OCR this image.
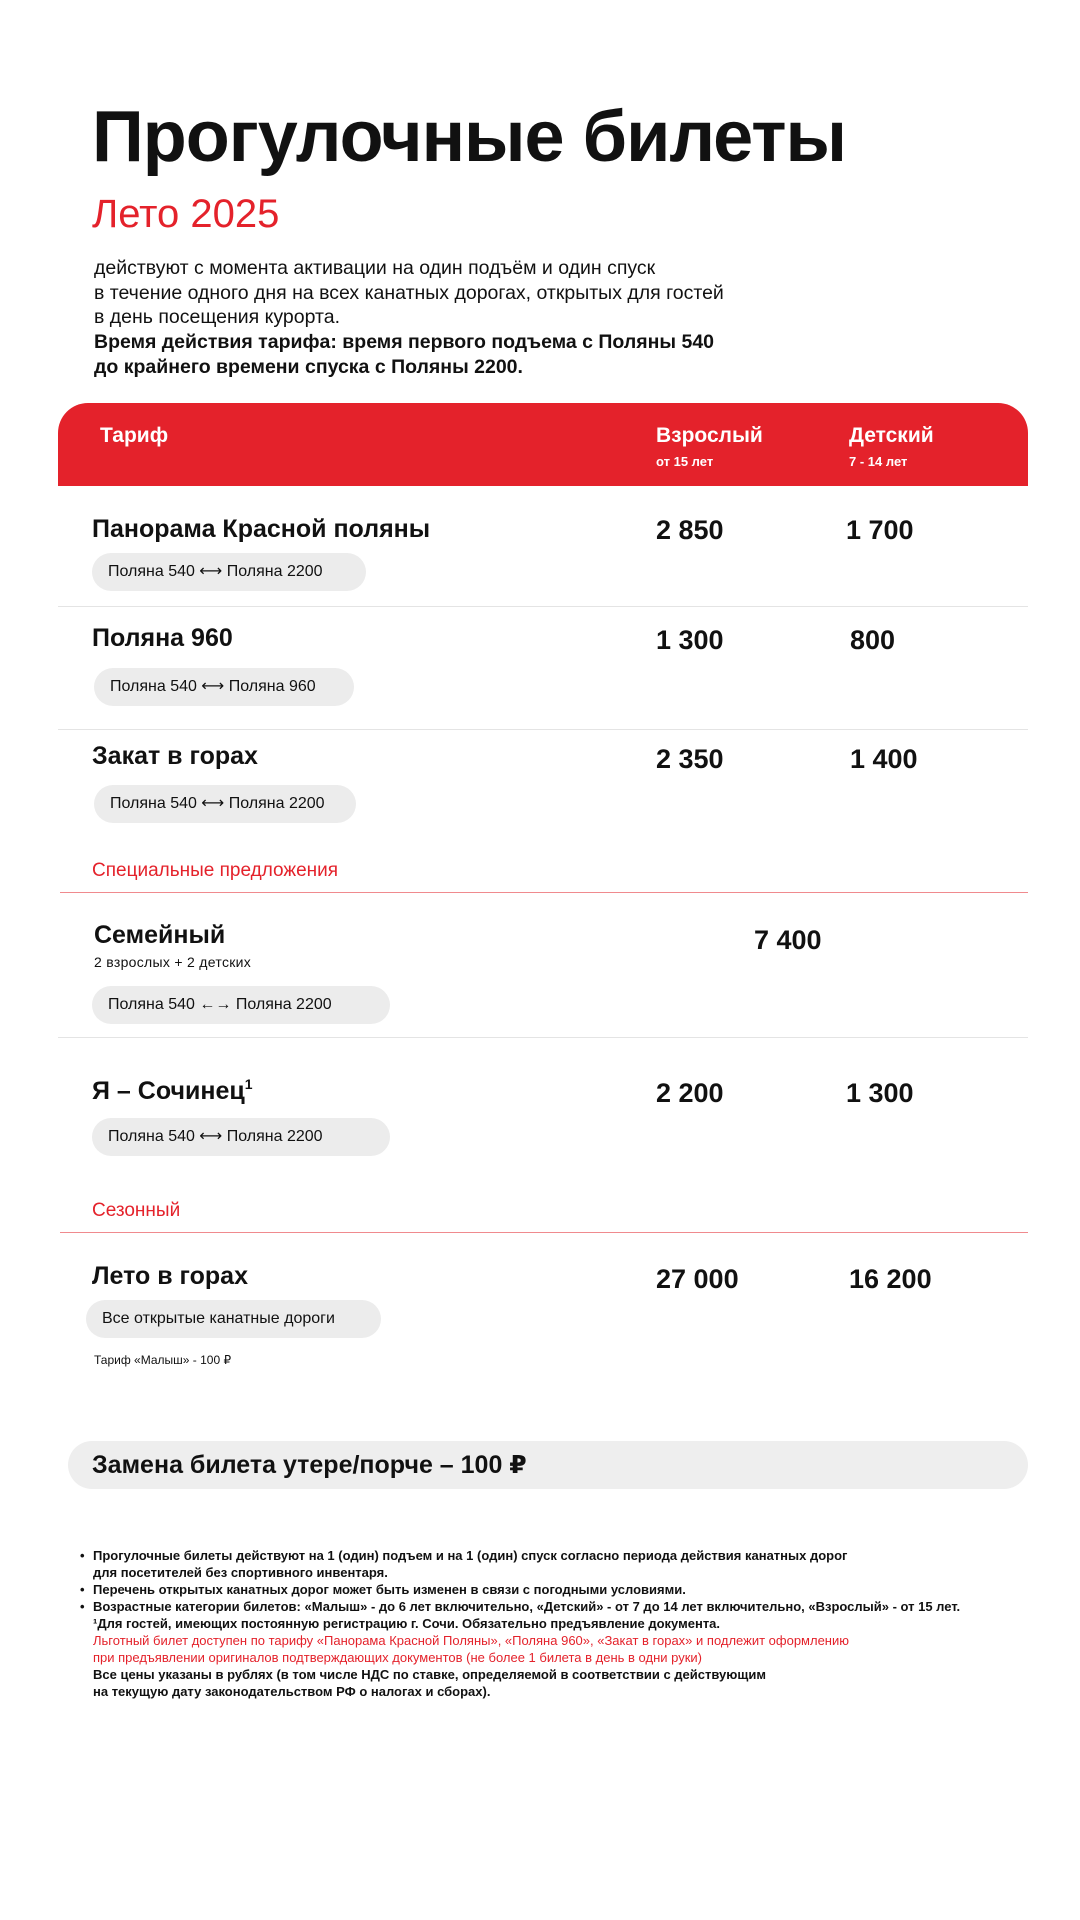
Прогулочные билеты
Лето 2025
действуют с момента активации на один подъём и один спуск
в течение одного дня на всех канатных дорогах, открытых для гостей
в день посещения курорта.
Время действия тарифа: время первого подъема с Поляны 540
до крайнего времени спуска с Поляны 2200.
Тариф	Взрослый
от 15 лет
Детский
7 - 14 лет
Панорама Красной поляны
Поляна 540 ⟷ Поляна 2200
2 850	1 700
Поляна 960
Поляна 540 ⟷ Поляна 960
1 300	800
Закат в горах
Поляна 540 ⟷ Поляна 2200
2 350	1 400
Специальные предложения
Семейный
2 взрослых + 2 детских
Поляна 540 ←→ Поляна 2200
7 400
Я – Сочинец$^1$
Поляна 540 ⟷ Поляна 2200
2 200	1 300
Сезонный
Лето в горах
Все открытые канатные дороги
27 000	16 200
Тариф «Малыш» - 100 ₽
Замена билета утере/порче – 100 ₽
• Прогулочные билеты действуют на 1 (один) подъем и на 1 (один) спуск согласно периода действия канатных дорог
для посетителей без спортивного инвентаря.
• Перечень открытых канатных дорог может быть изменен в связи с погодными условиями.
• Возрастные категории билетов: «Малыш» - до 6 лет включительно, «Детский» - от 7 до 14 лет включительно, «Взрослый» - от 15 лет.
¹Для гостей, имеющих постоянную регистрацию г. Сочи. Обязательно предъявление документа.
Льготный билет доступен по тарифу «Панорама Красной Поляны», «Поляна 960», «Закат в горах» и подлежит оформлению
при предъявлении оригиналов подтверждающих документов (не более 1 билета в день в одни руки)
Все цены указаны в рублях (в том числе НДС по ставке, определяемой в соответствии с действующим
на текущую дату законодательством РФ о налогах и сборах).
